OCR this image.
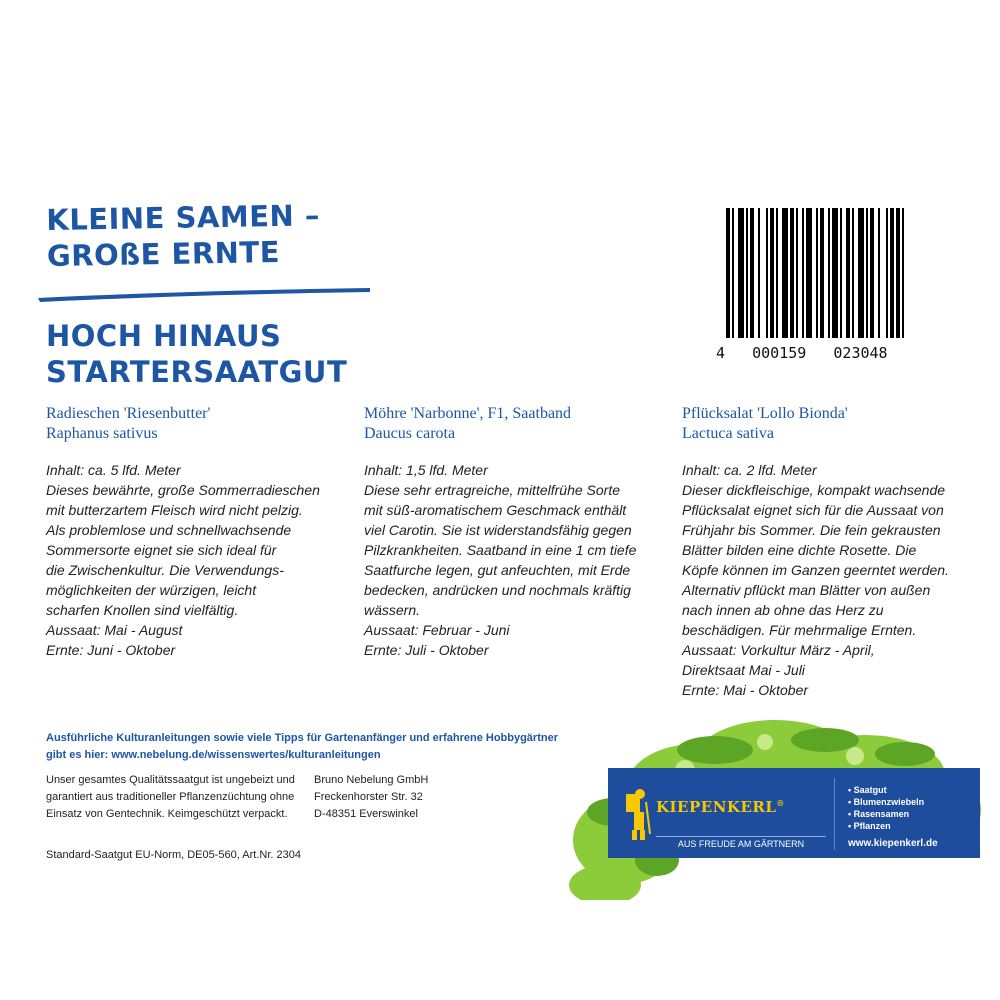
KLEINE SAMEN –
GROßE ERNTE
HOCH HINAUS
STARTERSAATGUT
4   000159   023048
Radieschen 'Riesenbutter'
Raphanus sativus
Inhalt: ca. 5 lfd. Meter
Dieses bewährte, große Sommerradieschen
mit butterzartem Fleisch wird nicht pelzig.
Als problemlose und schnellwachsende
Sommersorte eignet sie sich ideal für
die Zwischenkultur. Die Verwendungs-
möglichkeiten der würzigen, leicht
scharfen Knollen sind vielfältig.
Aussaat: Mai - August
Ernte: Juni - Oktober
Möhre 'Narbonne', F1, Saatband
Daucus carota
Inhalt: 1,5 lfd. Meter
Diese sehr ertragreiche, mittelfrühe Sorte
mit süß-aromatischem Geschmack enthält
viel Carotin. Sie ist widerstandsfähig gegen
Pilzkrankheiten. Saatband in eine 1 cm tiefe
Saatfurche legen, gut anfeuchten, mit Erde
bedecken, andrücken und nochmals kräftig
wässern.
Aussaat: Februar - Juni
Ernte: Juli - Oktober
Pflücksalat 'Lollo Bionda'
Lactuca sativa
Inhalt: ca. 2 lfd. Meter
Dieser dickfleischige, kompakt wachsende
Pflücksalat eignet sich für die Aussaat von
Frühjahr bis Sommer. Die fein gekrausten
Blätter bilden eine dichte Rosette. Die
Köpfe können im Ganzen geerntet werden.
Alternativ pflückt man Blätter von außen
nach innen ab ohne das Herz zu
beschädigen. Für mehrmalige Ernten.
Aussaat: Vorkultur März - April,
Direktsaat Mai - Juli
Ernte: Mai - Oktober
Ausführliche Kulturanleitungen sowie viele Tipps für Gartenanfänger und erfahrene Hobbygärtner
gibt es hier: www.nebelung.de/wissenswertes/kulturanleitungen
Unser gesamtes Qualitätssaatgut ist ungebeizt und
garantiert aus traditioneller Pflanzenzüchtung ohne
Einsatz von Gentechnik. Keimgeschützt verpackt.
Bruno Nebelung GmbH
Freckenhorster Str. 32
D-48351 Everswinkel
Standard-Saatgut EU-Norm, DE05-560, Art.Nr. 2304
KIEPENKERL®
AUS FREUDE AM GÄRTNERN
• Saatgut
• Blumenzwiebeln
• Rasensamen
• Pflanzen
www.kiepenkerl.de
